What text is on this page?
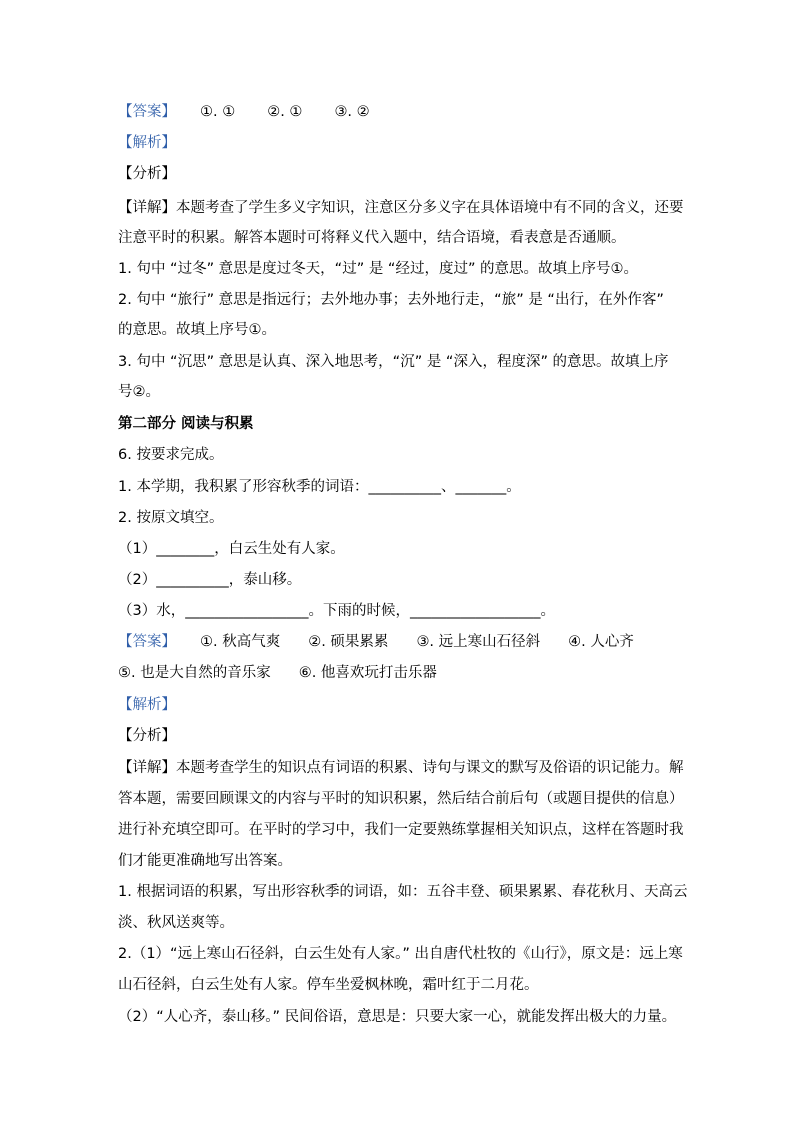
【答案】 ①. ① ②. ① ③. ②
【解析】
【分析】
【详解】本题考查了学生多义字知识，注意区分多义字在具体语境中有不同的含义，还要
注意平时的积累。解答本题时可将释义代入题中，结合语境，看表意是否通顺。
1. 句中 “过冬” 意思是度过冬天，“过” 是 “经过，度过” 的意思。故填上序号①。
2. 句中 “旅行” 意思是指远行；去外地办事；去外地行走，“旅” 是 “出行，在外作客”
的意思。故填上序号①。
3. 句中 “沉思” 意思是认真、深入地思考，“沉” 是 “深入，程度深” 的意思。故填上序
号②。
第二部分 阅读与积累
6. 按要求完成。
1. 本学期，我积累了形容秋季的词语：__________、_______。
2. 按原文填空。
（1）________，白云生处有人家。
（2）__________，泰山移。
（3）水，_________________。下雨的时候，__________________。
【答案】 ①. 秋高气爽 ②. 硕果累累 ③. 远上寒山石径斜 ④. 人心齐
⑤. 也是大自然的音乐家 ⑥. 他喜欢玩打击乐器
【解析】
【分析】
【详解】本题考查学生的知识点有词语的积累、诗句与课文的默写及俗语的识记能力。解
答本题，需要回顾课文的内容与平时的知识积累，然后结合前后句（或题目提供的信息）
进行补充填空即可。在平时的学习中，我们一定要熟练掌握相关知识点，这样在答题时我
们才能更准确地写出答案。
1. 根据词语的积累，写出形容秋季的词语，如：五谷丰登、硕果累累、春花秋月、天高云
淡、秋风送爽等。
2.（1）“远上寒山石径斜，白云生处有人家。” 出自唐代杜牧的《山行》，原文是：远上寒
山石径斜，白云生处有人家。停车坐爱枫林晚，霜叶红于二月花。
（2）“人心齐，泰山移。” 民间俗语，意思是：只要大家一心，就能发挥出极大的力量。
